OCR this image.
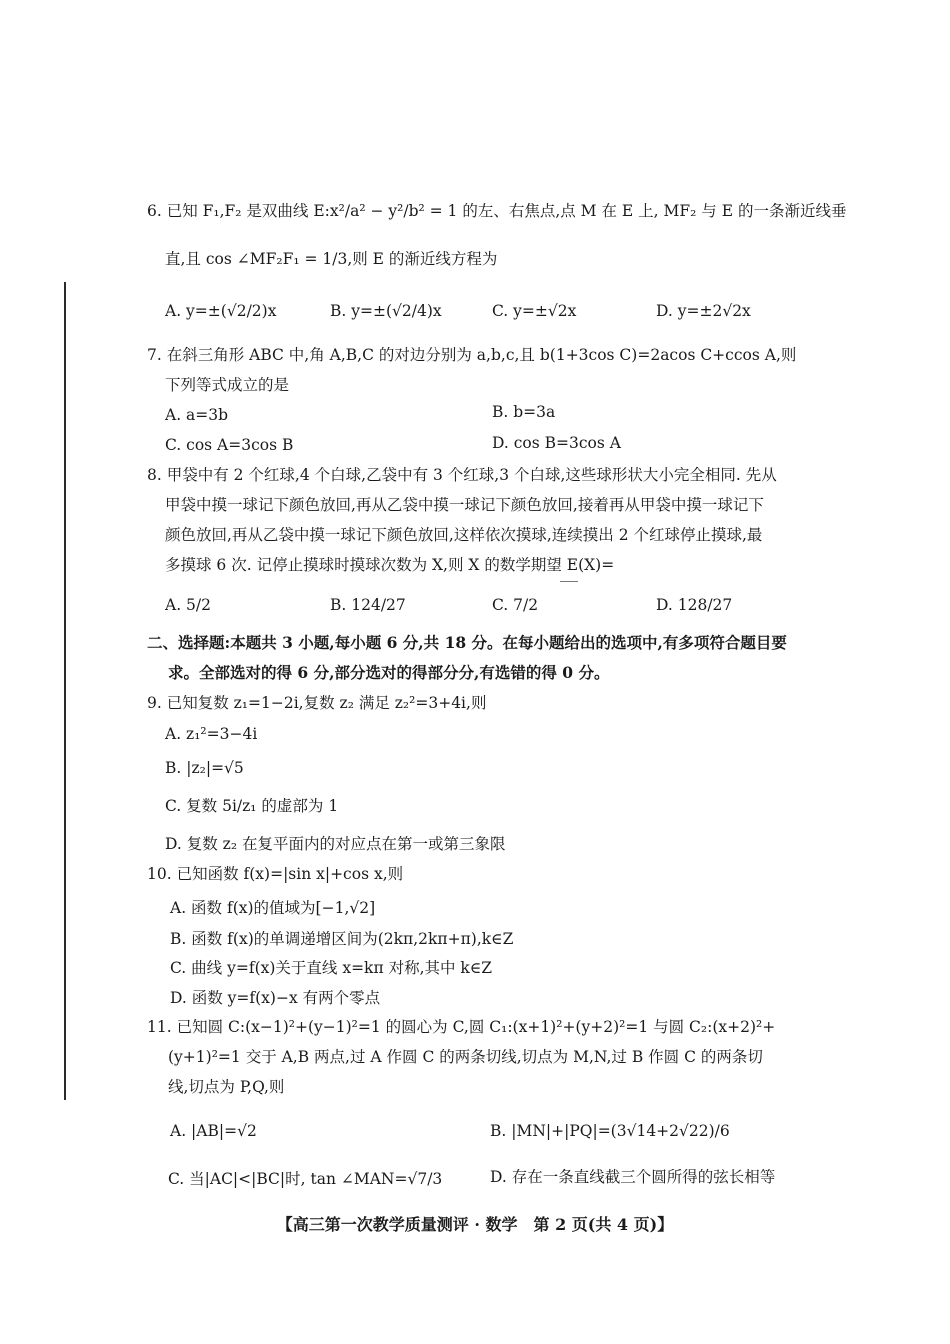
6. 已知 F₁,F₂ 是双曲线 E:x²/a² − y²/b² = 1 的左、右焦点,点 M 在 E 上, MF₂ 与 E 的一条渐近线垂
直,且 cos ∠MF₂F₁ = 1/3,则 E 的渐近线方程为
A. y=±(√2/2)x	B. y=±(√2/4)x	C. y=±√2x	D. y=±2√2x
7. 在斜三角形 ABC 中,角 A,B,C 的对边分别为 a,b,c,且 b(1+3cos C)=2acos C+ccos A,则
下列等式成立的是
A. a=3b	B. b=3a
C. cos A=3cos B	D. cos B=3cos A
8. 甲袋中有 2 个红球,4 个白球,乙袋中有 3 个红球,3 个白球,这些球形状大小完全相同. 先从
甲袋中摸一球记下颜色放回,再从乙袋中摸一球记下颜色放回,接着再从甲袋中摸一球记下
颜色放回,再从乙袋中摸一球记下颜色放回,这样依次摸球,连续摸出 2 个红球停止摸球,最
多摸球 6 次. 记停止摸球时摸球次数为 X,则 X 的数学期望 E(X)=
A. 5/2	B. 124/27	C. 7/2	D. 128/27
二、选择题:本题共 3 小题,每小题 6 分,共 18 分。在每小题给出的选项中,有多项符合题目要
求。全部选对的得 6 分,部分选对的得部分分,有选错的得 0 分。
9. 已知复数 z₁=1−2i,复数 z₂ 满足 z₂²=3+4i,则
A. z₁²=3−4i
B. |z₂|=√5
C. 复数 5i/z₁ 的虚部为 1
D. 复数 z₂ 在复平面内的对应点在第一或第三象限
10. 已知函数 f(x)=|sin x|+cos x,则
A. 函数 f(x)的值域为[−1,√2]
B. 函数 f(x)的单调递增区间为(2kπ,2kπ+π),k∈Z
C. 曲线 y=f(x)关于直线 x=kπ 对称,其中 k∈Z
D. 函数 y=f(x)−x 有两个零点
11. 已知圆 C:(x−1)²+(y−1)²=1 的圆心为 C,圆 C₁:(x+1)²+(y+2)²=1 与圆 C₂:(x+2)²+
(y+1)²=1 交于 A,B 两点,过 A 作圆 C 的两条切线,切点为 M,N,过 B 作圆 C 的两条切
线,切点为 P,Q,则
A. |AB|=√2	B. |MN|+|PQ|=(3√14+2√22)/6
C. 当|AC|<|BC|时, tan ∠MAN=√7/3	D. 存在一条直线截三个圆所得的弦长相等
【高三第一次教学质量测评 · 数学　第 2 页(共 4 页)】
